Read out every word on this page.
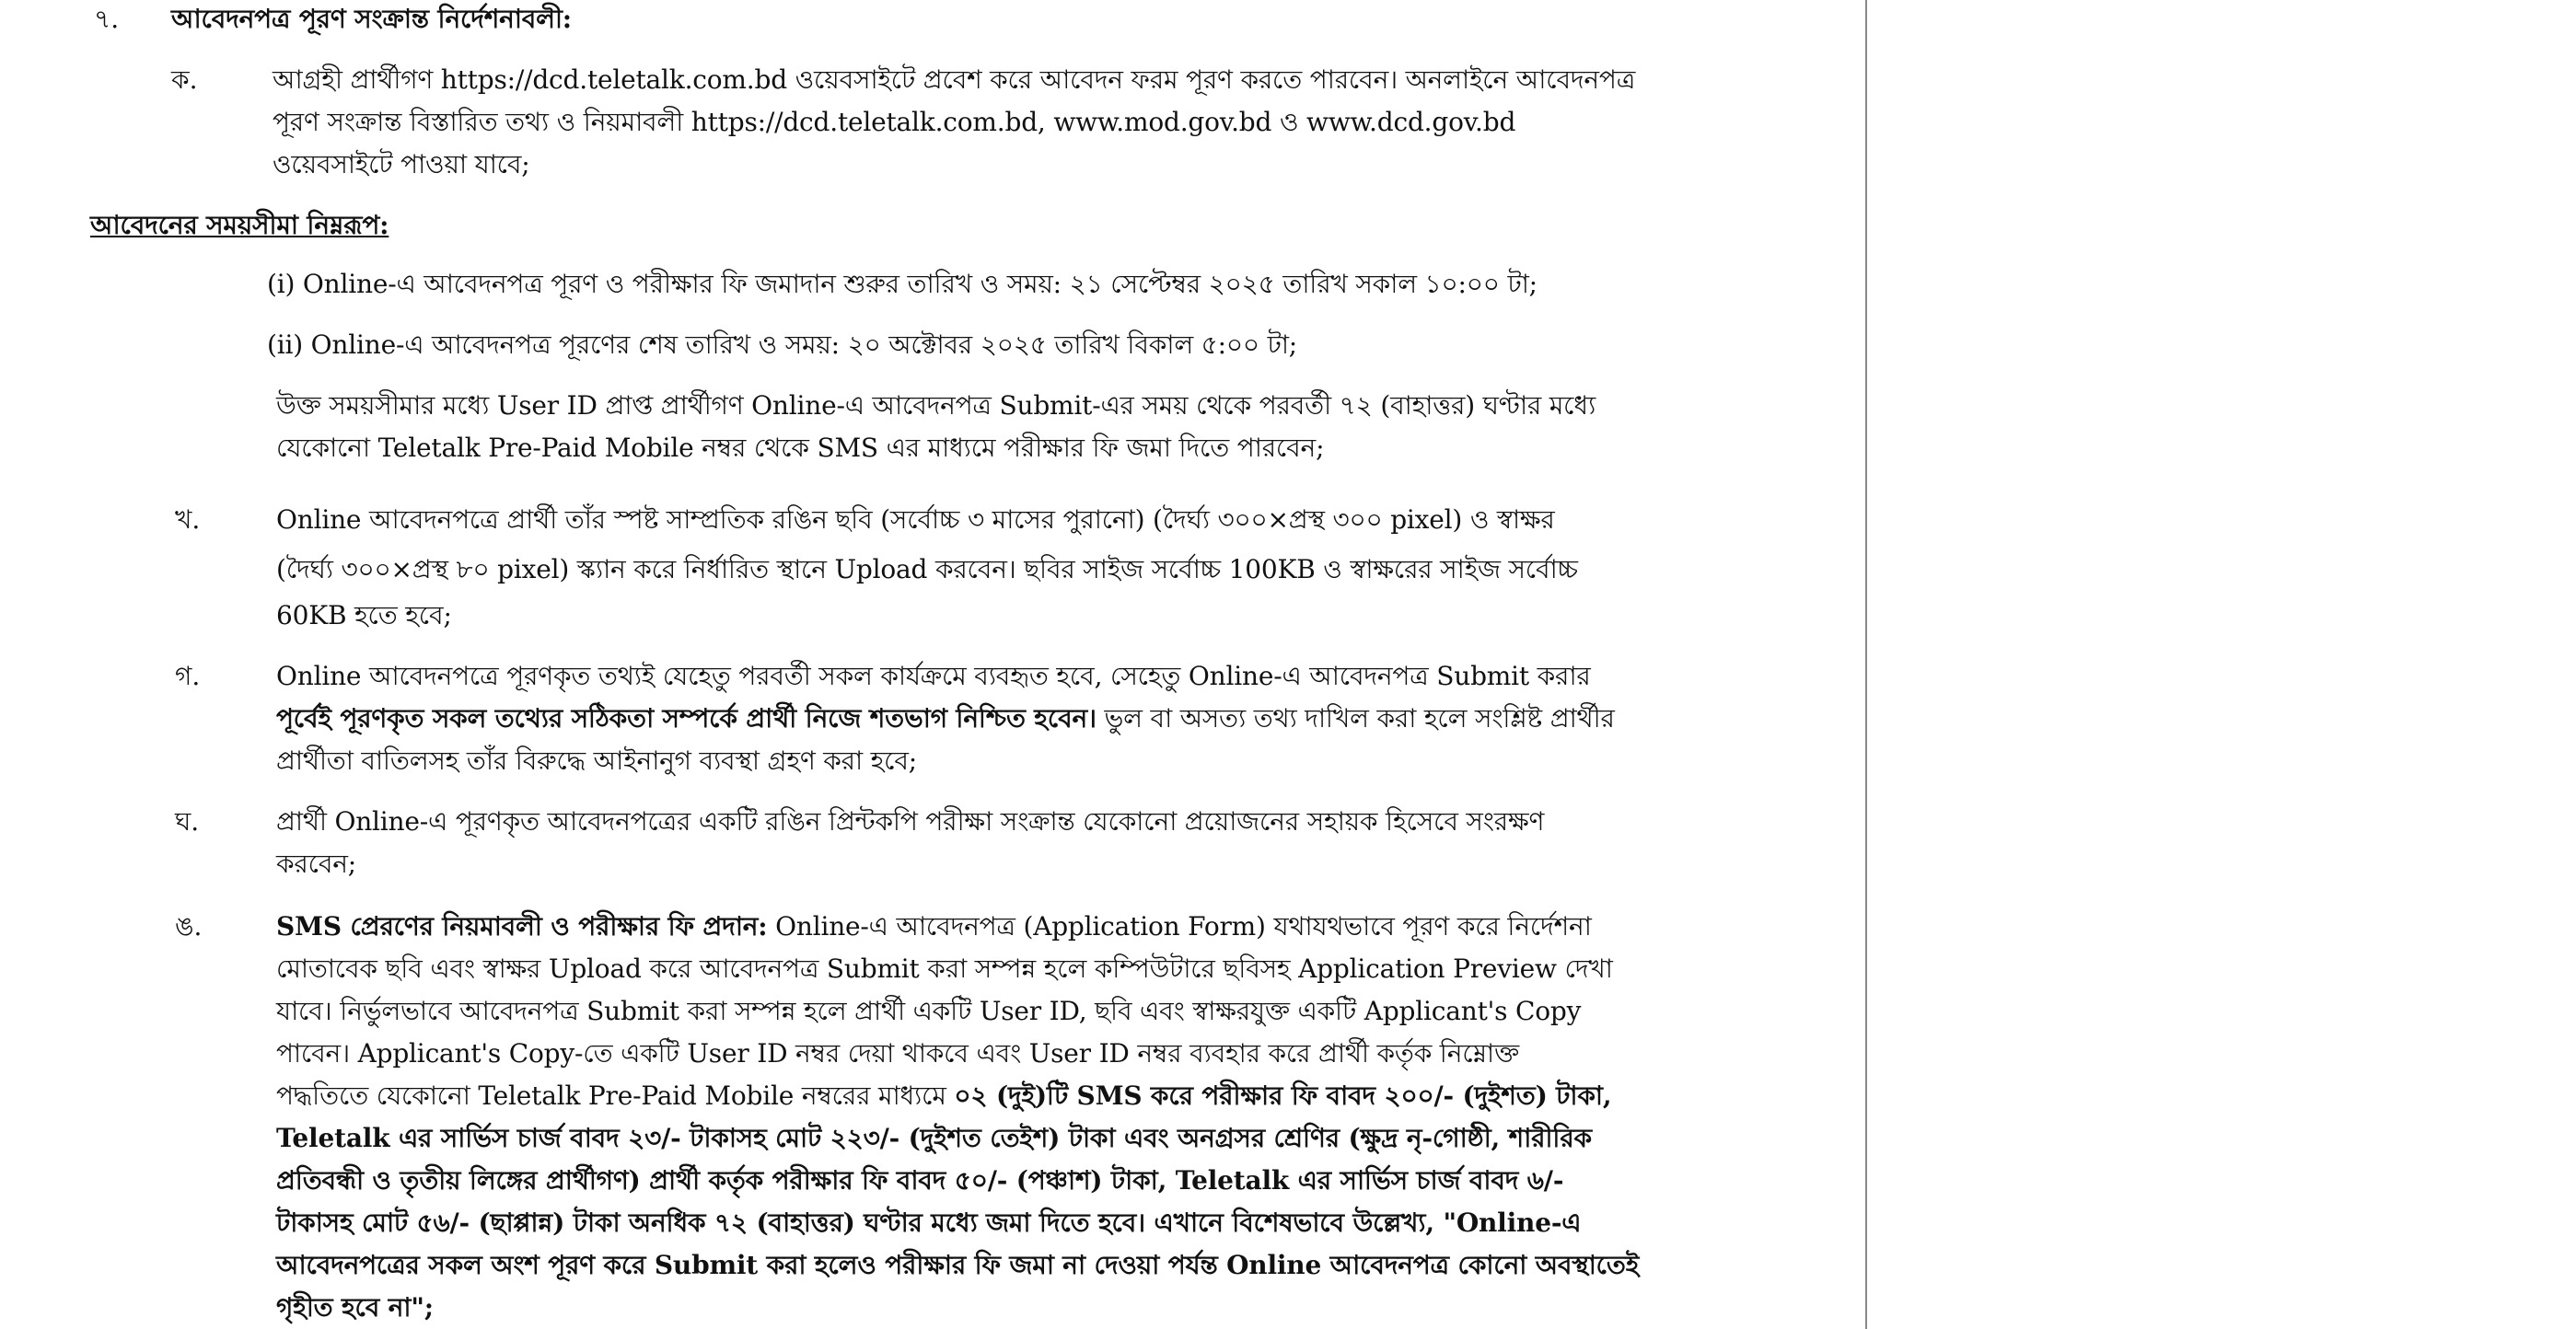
৭. আবেদনপত্র পূরণ সংক্রান্ত নির্দেশনাবলী:
ক.	আগ্রহী প্রার্থীগণ https://dcd.teletalk.com.bd ওয়েবসাইটে প্রবেশ করে আবেদন ফরম পূরণ করতে পারবেন। অনলাইনে আবেদনপত্র
পূরণ সংক্রান্ত বিস্তারিত তথ্য ও নিয়মাবলী https://dcd.teletalk.com.bd, www.mod.gov.bd ও www.dcd.gov.bd
ওয়েবসাইটে পাওয়া যাবে;
আবেদনের সময়সীমা নিম্নরূপ:
(i) Online-এ আবেদনপত্র পূরণ ও পরীক্ষার ফি জমাদান শুরুর তারিখ ও সময়: ২১ সেপ্টেম্বর ২০২৫ তারিখ সকাল ১০:০০ টা;
(ii) Online-এ আবেদনপত্র পূরণের শেষ তারিখ ও সময়: ২০ অক্টোবর ২০২৫ তারিখ বিকাল ৫:০০ টা;
উক্ত সময়সীমার মধ্যে User ID প্রাপ্ত প্রার্থীগণ Online-এ আবেদনপত্র Submit-এর সময় থেকে পরবর্তী ৭২ (বাহাত্তর) ঘণ্টার মধ্যে
যেকোনো Teletalk Pre-Paid Mobile নম্বর থেকে SMS এর মাধ্যমে পরীক্ষার ফি জমা দিতে পারবেন;
খ.	Online আবেদনপত্রে প্রার্থী তাঁর স্পষ্ট সাম্প্রতিক রঙিন ছবি (সর্বোচ্চ ৩ মাসের পুরানো) (দৈর্ঘ্য ৩০০×প্রস্থ ৩০০ pixel) ও স্বাক্ষর
(দৈর্ঘ্য ৩০০×প্রস্থ ৮০ pixel) স্ক্যান করে নির্ধারিত স্থানে Upload করবেন। ছবির সাইজ সর্বোচ্চ 100KB ও স্বাক্ষরের সাইজ সর্বোচ্চ
60KB হতে হবে;
গ.	Online আবেদনপত্রে পূরণকৃত তথ্যই যেহেতু পরবর্তী সকল কার্যক্রমে ব্যবহৃত হবে, সেহেতু Online-এ আবেদনপত্র Submit করার
পূর্বেই পূরণকৃত সকল তথ্যের সঠিকতা সম্পর্কে প্রার্থী নিজে শতভাগ নিশ্চিত হবেন। ভুল বা অসত্য তথ্য দাখিল করা হলে সংশ্লিষ্ট প্রার্থীর
প্রার্থীতা বাতিলসহ তাঁর বিরুদ্ধে আইনানুগ ব্যবস্থা গ্রহণ করা হবে;
ঘ.	প্রার্থী Online-এ পূরণকৃত আবেদনপত্রের একটি রঙিন প্রিন্টকপি পরীক্ষা সংক্রান্ত যেকোনো প্রয়োজনের সহায়ক হিসেবে সংরক্ষণ
করবেন;
ঙ.	SMS প্রেরণের নিয়মাবলী ও পরীক্ষার ফি প্রদান: Online-এ আবেদনপত্র (Application Form) যথাযথভাবে পূরণ করে নির্দেশনা
মোতাবেক ছবি এবং স্বাক্ষর Upload করে আবেদনপত্র Submit করা সম্পন্ন হলে কম্পিউটারে ছবিসহ Application Preview দেখা
যাবে। নির্ভুলভাবে আবেদনপত্র Submit করা সম্পন্ন হলে প্রার্থী একটি User ID, ছবি এবং স্বাক্ষরযুক্ত একটি Applicant's Copy
পাবেন। Applicant's Copy-তে একটি User ID নম্বর দেয়া থাকবে এবং User ID নম্বর ব্যবহার করে প্রার্থী কর্তৃক নিম্নোক্ত
পদ্ধতিতে যেকোনো Teletalk Pre-Paid Mobile নম্বরের মাধ্যমে ০২ (দুই)টি SMS করে পরীক্ষার ফি বাবদ ২০০/- (দুইশত) টাকা,
Teletalk এর সার্ভিস চার্জ বাবদ ২৩/- টাকাসহ মোট ২২৩/- (দুইশত তেইশ) টাকা এবং অনগ্রসর শ্রেণির (ক্ষুদ্র নৃ-গোষ্ঠী, শারীরিক
প্রতিবন্ধী ও তৃতীয় লিঙ্গের প্রার্থীগণ) প্রার্থী কর্তৃক পরীক্ষার ফি বাবদ ৫০/- (পঞ্চাশ) টাকা, Teletalk এর সার্ভিস চার্জ বাবদ ৬/-
টাকাসহ মোট ৫৬/- (ছাপ্পান্ন) টাকা অনধিক ৭২ (বাহাত্তর) ঘণ্টার মধ্যে জমা দিতে হবে। এখানে বিশেষভাবে উল্লেখ্য, "Online-এ
আবেদনপত্রের সকল অংশ পূরণ করে Submit করা হলেও পরীক্ষার ফি জমা না দেওয়া পর্যন্ত Online আবেদনপত্র কোনো অবস্থাতেই
গৃহীত হবে না";
